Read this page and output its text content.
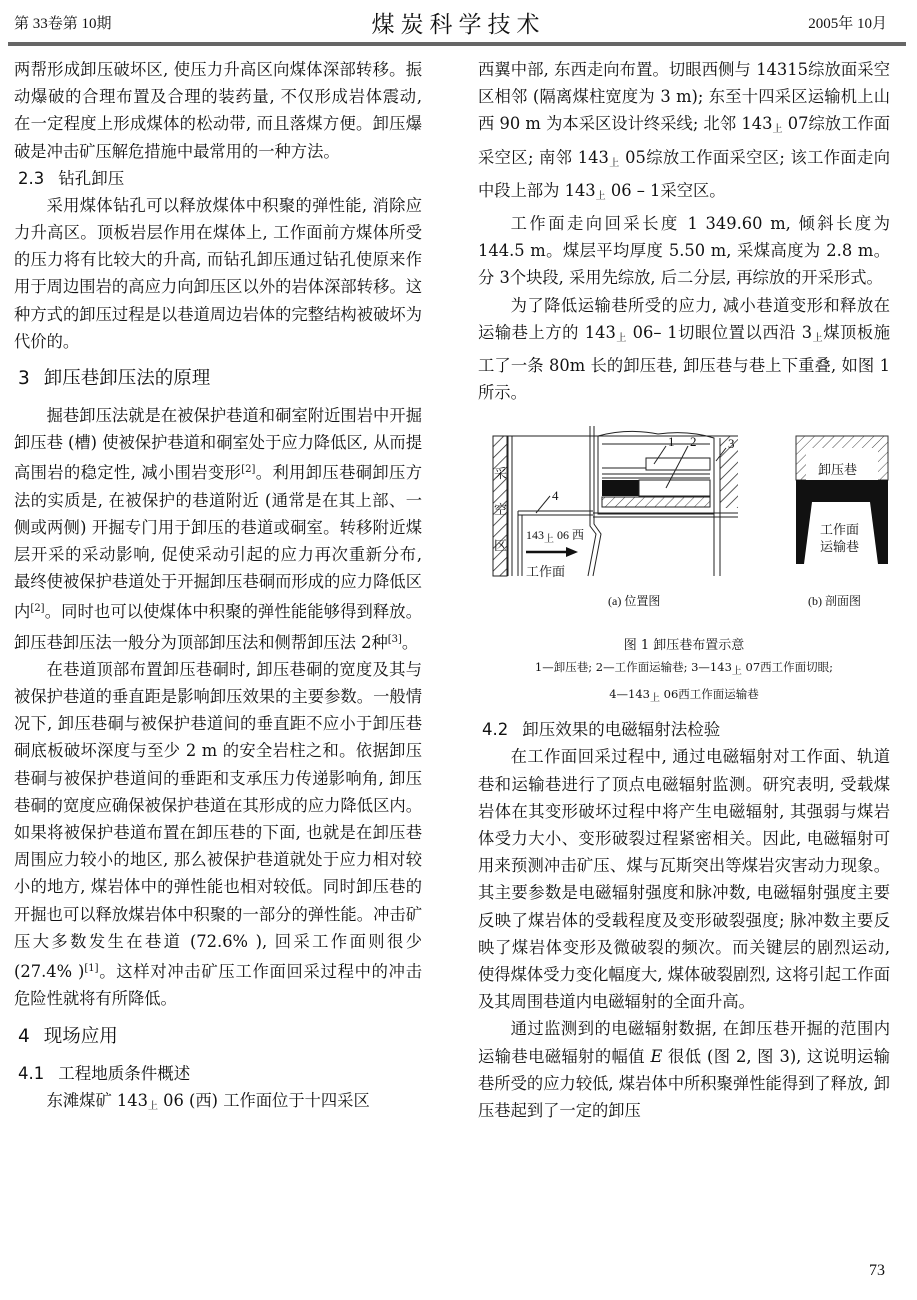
第 33卷第 10期	煤炭科学技术	2005年 10月

两帮形成卸压破坏区, 使压力升高区向煤体深部转移。振动爆破的合理布置及合理的装药量, 不仅形成岩体震动, 在一定程度上形成煤体的松动带, 而且落煤方便。卸压爆破是冲击矿压解危措施中最常用的一种方法。

2.3 钻孔卸压

采用煤体钻孔可以释放煤体中积聚的弹性能, 消除应力升高区。顶板岩层作用在煤体上, 工作面前方煤体所受的压力将有比较大的升高, 而钻孔卸压通过钻孔使原来作用于周边围岩的高应力向卸压区以外的岩体深部转移。这种方式的卸压过程是以巷道周边岩体的完整结构被破坏为代价的。

3 卸压巷卸压法的原理

掘巷卸压法就是在被保护巷道和硐室附近围岩中开掘卸压巷 (槽) 使被保护巷道和硐室处于应力降低区, 从而提高围岩的稳定性, 减小围岩变形[2]。利用卸压巷硐卸压方法的实质是, 在被保护的巷道附近 (通常是在其上部、一侧或两侧) 开掘专门用于卸压的巷道或硐室。转移附近煤层开采的采动影响, 促使采动引起的应力再次重新分布, 最终使被保护巷道处于开掘卸压巷硐而形成的应力降低区内[2]。同时也可以使煤体中积聚的弹性能能够得到释放。卸压巷卸压法一般分为顶部卸压法和侧帮卸压法 2种[3]。

在巷道顶部布置卸压巷硐时, 卸压巷硐的宽度及其与被保护巷道的垂直距是影响卸压效果的主要参数。一般情况下, 卸压巷硐与被保护巷道间的垂直距不应小于卸压巷硐底板破坏深度与至少 2 m 的安全岩柱之和。依据卸压巷硐与被保护巷道间的垂距和支承压力传递影响角, 卸压巷硐的宽度应确保被保护巷道在其形成的应力降低区内。如果将被保护巷道布置在卸压巷的下面, 也就是在卸压巷周围应力较小的地区, 那么被保护巷道就处于应力相对较小的地方, 煤岩体中的弹性能也相对较低。同时卸压巷的开掘也可以释放煤岩体中积聚的一部分的弹性能。冲击矿压大多数发生在巷道 (72.6% ), 回采工作面则很少 (27.4% )[1]。这样对冲击矿压工作面回采过程中的冲击危险性就将有所降低。

4 现场应用
4.1 工程地质条件概述

东滩煤矿 $143_上$ 06 (西) 工作面位于十四采区

西翼中部, 东西走向布置。切眼西侧与 14315综放面采空区相邻 (隔离煤柱宽度为 3 m); 东至十四采区运输机上山西 90 m 为本采区设计终采线; 北邻 $143_上$ 07综放工作面采空区; 南邻 $143_上$ 05综放工作面采空区; 该工作面走向中段上部为 $143_上$ 06 – 1采空区。

工作面走向回采长度 1 349.60 m, 倾斜长度为 144.5 m。煤层平均厚度 5.50 m, 采煤高度为 2.8 m。分 3个块段, 采用先综放, 后二分层, 再综放的开采形式。

为了降低运输巷所受的应力, 减小巷道变形和释放在运输巷上方的 $143_上$ 06– 1切眼位置以西沿 $3_上$煤顶板施工了一条 80m 长的卸压巷, 卸压巷与巷上下重叠, 如图 1所示。

1 2 3
4
采
空
区
$143_上$ 06 西
工作面
卸压巷
工作面
运输巷
(a) 位置图	(b) 剖面图
图 1 卸压巷布置示意
1—卸压巷; 2—工作面运输巷; 3—143上 07西工作面切眼;
4—143上 06西工作面运输巷
4.2 卸压效果的电磁辐射法检验

在工作面回采过程中, 通过电磁辐射对工作面、轨道巷和运输巷进行了顶点电磁辐射监测。研究表明, 受载煤岩体在其变形破坏过程中将产生电磁辐射, 其强弱与煤岩体受力大小、变形破裂过程紧密相关。因此, 电磁辐射可用来预测冲击矿压、煤与瓦斯突出等煤岩灾害动力现象。其主要参数是电磁辐射强度和脉冲数, 电磁辐射强度主要反映了煤岩体的受载程度及变形破裂强度; 脉冲数主要反映了煤岩体变形及微破裂的频次。而关键层的剧烈运动, 使得煤体受力变化幅度大, 煤体破裂剧烈, 这将引起工作面及其周围巷道内电磁辐射的全面升高。

通过监测到的电磁辐射数据, 在卸压巷开掘的范围内运输巷电磁辐射的幅值 E 很低 (图 2, 图 3), 这说明运输巷所受的应力较低, 煤岩体中所积聚弹性能得到了释放, 卸压巷起到了一定的卸压

73
